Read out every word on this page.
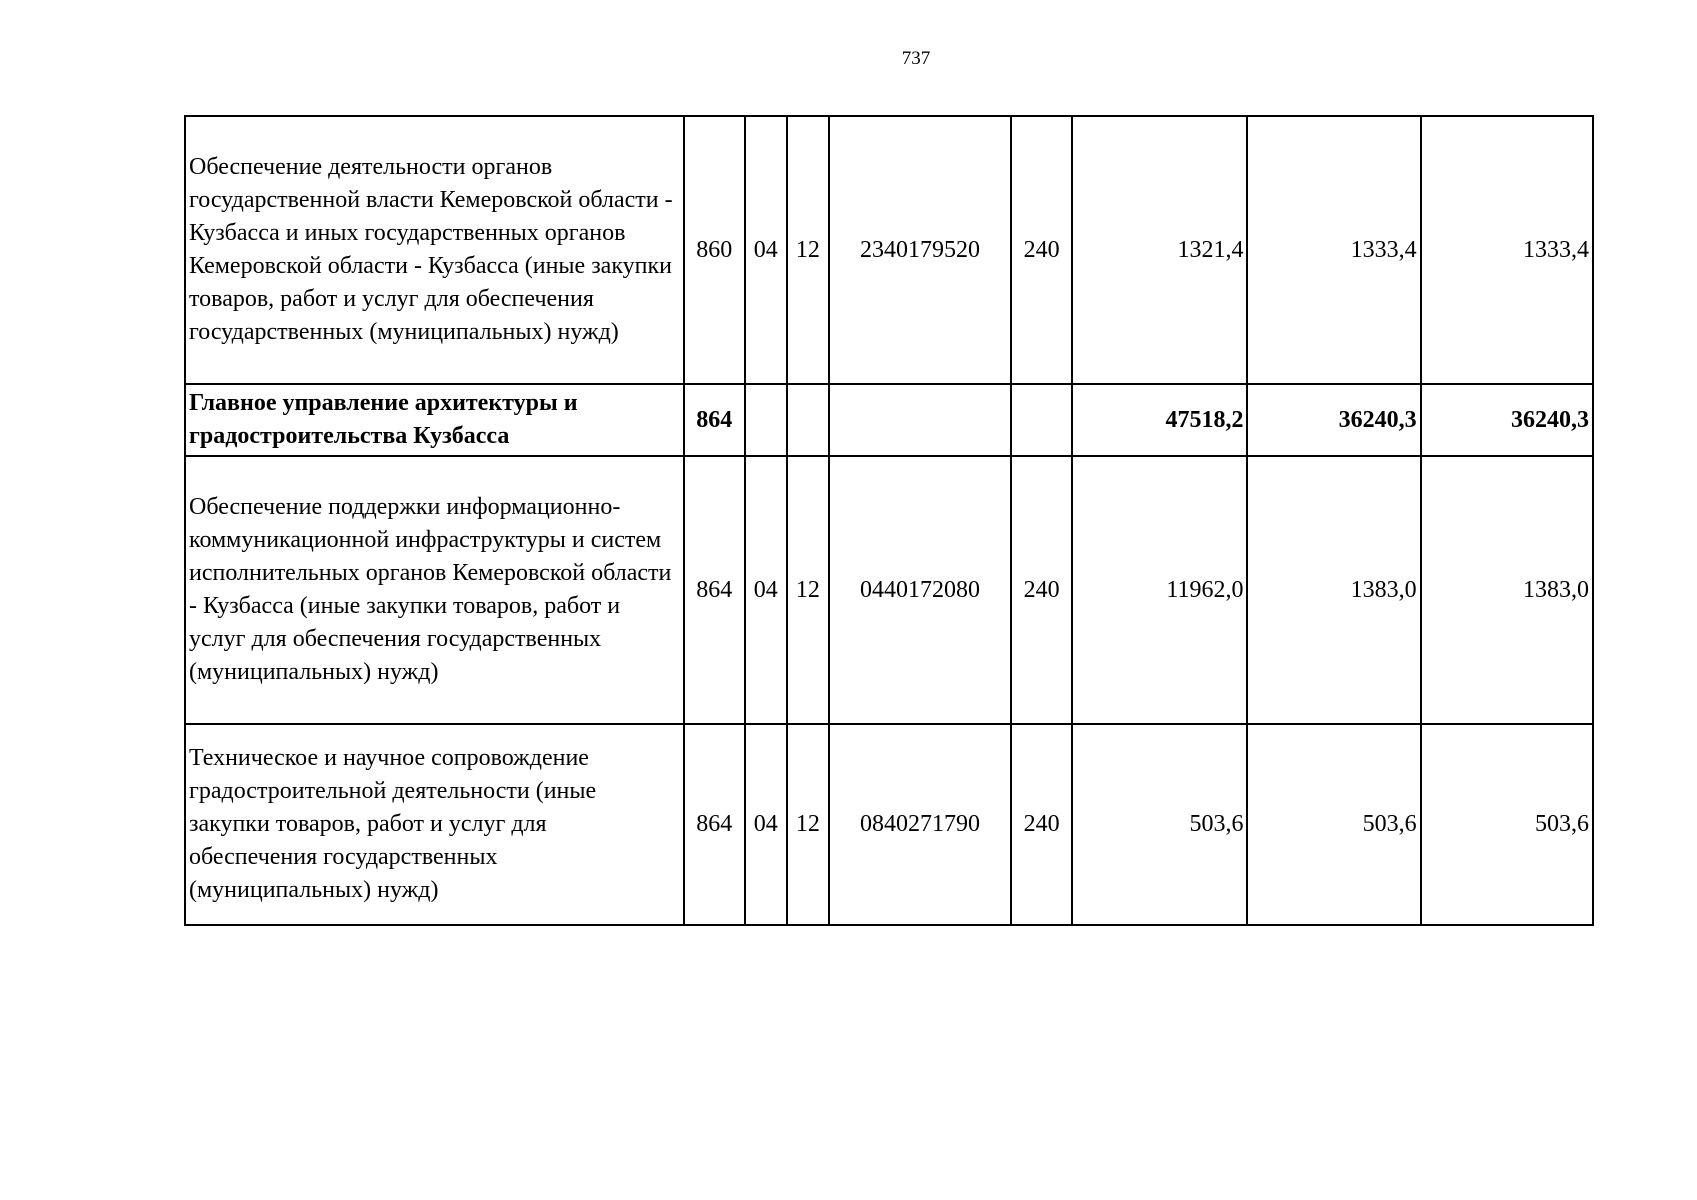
737
Обеспечение деятельности органов государственной власти Кемеровской области - Кузбасса и иных государственных органов Кемеровской области - Кузбасса (иные закупки товаров, работ и услуг для обеспечения государственных (муниципальных) нужд)	860	04	12	2340179520	240	1321,4	1333,4	1333,4

Главное управление архитектуры и градостроительства Кузбасса	864					47518,2	36240,3	36240,3

Обеспечение поддержки информационно-коммуникационной инфраструктуры и систем исполнительных органов Кемеровской области - Кузбасса (иные закупки товаров, работ и услуг для обеспечения государственных (муниципальных) нужд)	864	04	12	0440172080	240	11962,0	1383,0	1383,0

Техническое и научное сопровождение градостроительной деятельности (иные закупки товаров, работ и услуг для обеспечения государственных (муниципальных) нужд)	864	04	12	0840271790	240	503,6	503,6	503,6
